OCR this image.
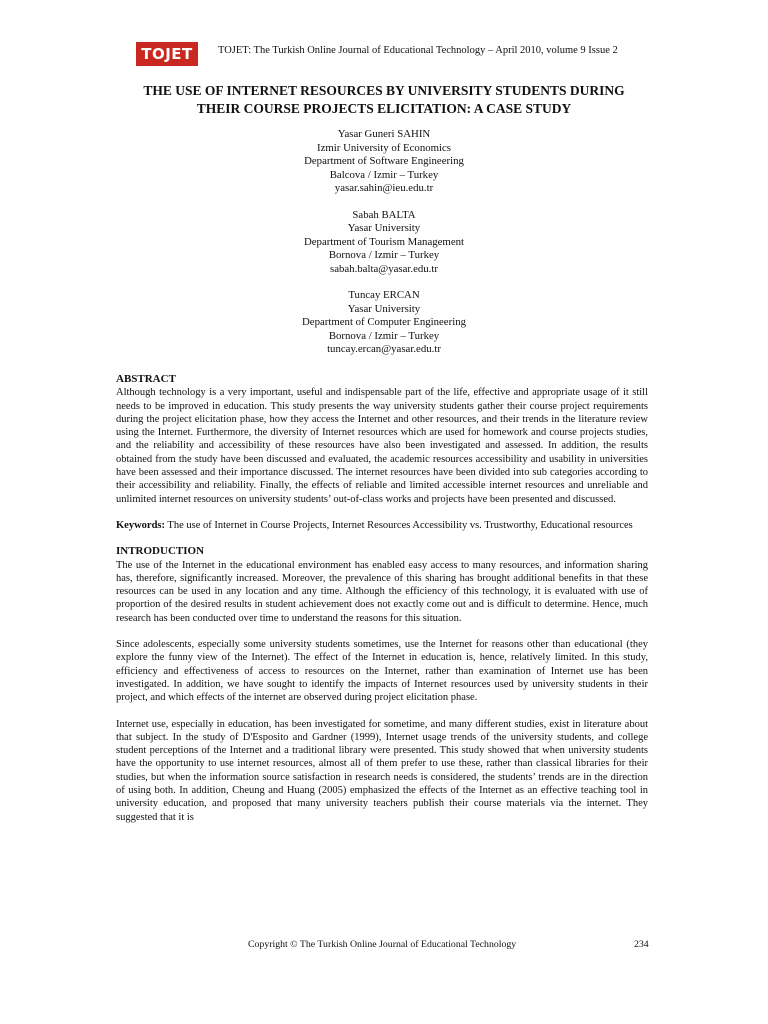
TOJET	TOJET: The Turkish Online Journal of Educational Technology – April 2010, volume 9 Issue 2
THE USE OF INTERNET RESOURCES BY UNIVERSITY STUDENTS DURING
THEIR COURSE PROJECTS ELICITATION: A CASE STUDY
Yasar Guneri SAHIN
Izmir University of Economics
Department of Software Engineering
Balcova / Izmir – Turkey
yasar.sahin@ieu.edu.tr
Sabah BALTA
Yasar University
Department of Tourism Management
Bornova / Izmir – Turkey
sabah.balta@yasar.edu.tr
Tuncay ERCAN
Yasar University
Department of Computer Engineering
Bornova / Izmir – Turkey
tuncay.ercan@yasar.edu.tr

ABSTRACT

Although technology is a very important, useful and indispensable part of the life, effective and appropriate usage of it still needs to be improved in education. This study presents the way university students gather their course project requirements during the project elicitation phase, how they access the Internet and other resources, and their trends in the literature review using the Internet. Furthermore, the diversity of Internet resources which are used for homework and course projects studies, and the reliability and accessibility of these resources have also been investigated and assessed. In addition, the results obtained from the study have been discussed and evaluated, the academic resources accessibility and usability in universities have been assessed and their importance discussed. The internet resources have been divided into sub categories according to their accessibility and reliability. Finally, the effects of reliable and limited accessible internet resources and unreliable and unlimited internet resources on university students’ out-of-class works and projects have been presented and discussed.

Keywords: The use of Internet in Course Projects, Internet Resources Accessibility vs. Trustworthy, Educational resources

INTRODUCTION

The use of the Internet in the educational environment has enabled easy access to many resources, and information sharing has, therefore, significantly increased. Moreover, the prevalence of this sharing has brought additional benefits in that these resources can be used in any location and any time. Although the efficiency of this technology, it is evaluated with use of proportion of the desired results in student achievement does not exactly come out and is difficult to determine. Hence, much research has been conducted over time to understand the reasons for this situation.

Since adolescents, especially some university students sometimes, use the Internet for reasons other than educational (they explore the funny view of the Internet). The effect of the Internet in education is, hence, relatively limited. In this study, efficiency and effectiveness of access to resources on the Internet, rather than examination of Internet use has been investigated. In addition, we have sought to identify the impacts of Internet resources used by university students in their project, and which effects of the internet are observed during project elicitation phase.

Internet use, especially in education, has been investigated for sometime, and many different studies, exist in literature about that subject. In the study of D'Esposito and Gardner (1999), Internet usage trends of the university students, and college student perceptions of the Internet and a traditional library were presented. This study showed that when university students have the opportunity to use internet resources, almost all of them prefer to use these, rather than classical libraries for their studies, but when the information source satisfaction in research needs is considered, the students’ trends are in the direction of using both. In addition, Cheung and Huang (2005) emphasized the effects of the Internet as an effective teaching tool in university education, and proposed that many university teachers publish their course materials via the internet. They suggested that it is

Copyright © The Turkish Online Journal of Educational Technology	234
